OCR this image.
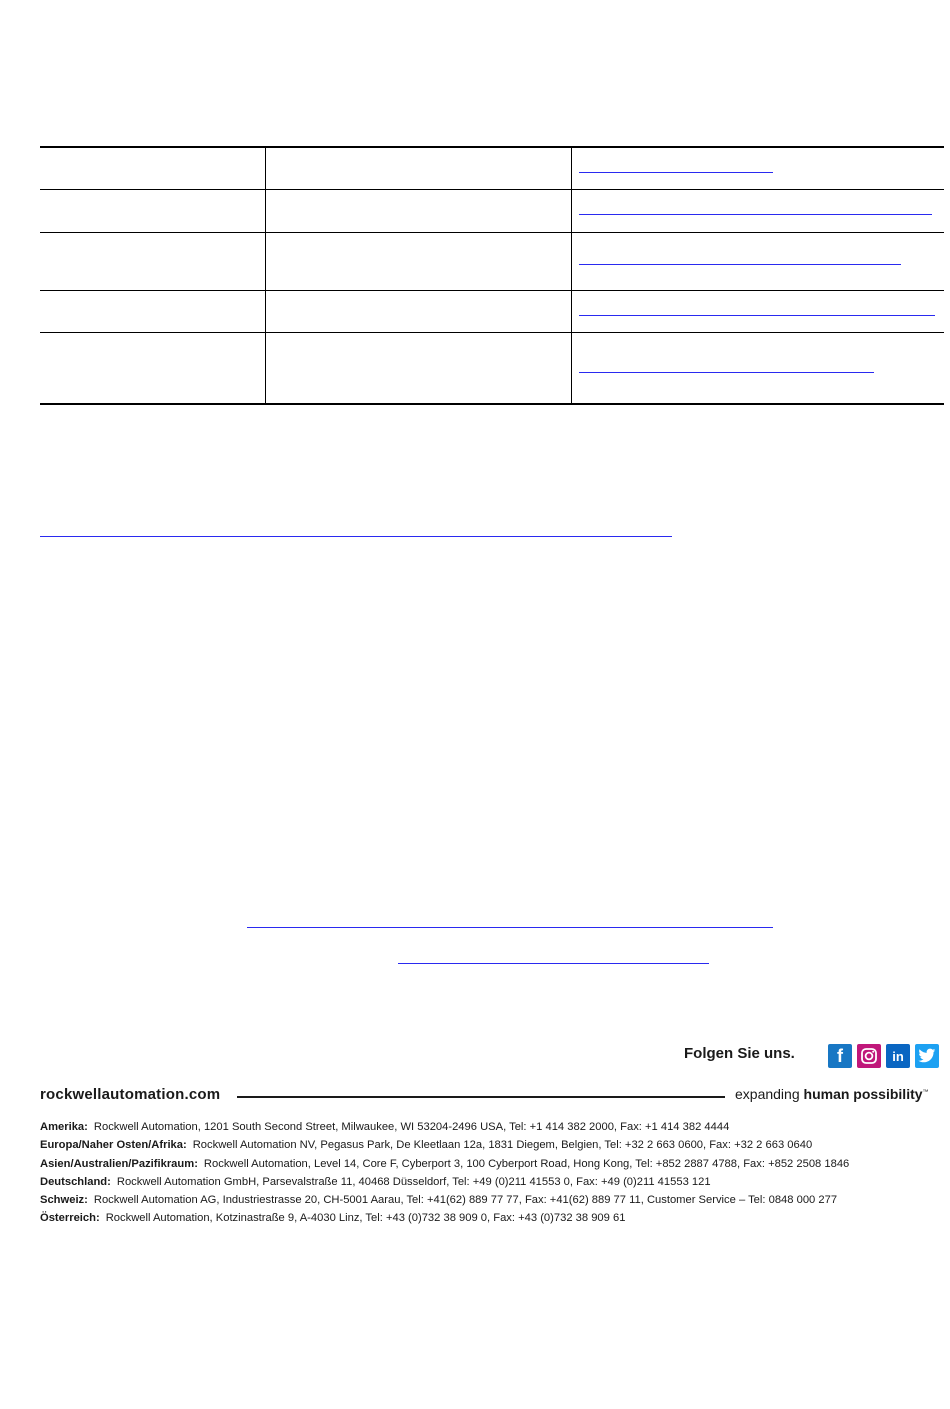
Folgen Sie uns.	f	in
rockwellautomation.com	expanding human possibility™
Amerika: Rockwell Automation, 1201 South Second Street, Milwaukee, WI 53204-2496 USA, Tel: +1 414 382 2000, Fax: +1 414 382 4444
Europa/Naher Osten/Afrika: Rockwell Automation NV, Pegasus Park, De Kleetlaan 12a, 1831 Diegem, Belgien, Tel: +32 2 663 0600, Fax: +32 2 663 0640
Asien/Australien/Pazifikraum: Rockwell Automation, Level 14, Core F, Cyberport 3, 100 Cyberport Road, Hong Kong, Tel: +852 2887 4788, Fax: +852 2508 1846
Deutschland: Rockwell Automation GmbH, Parsevalstraße 11, 40468 Düsseldorf, Tel: +49 (0)211 41553 0, Fax: +49 (0)211 41553 121
Schweiz: Rockwell Automation AG, Industriestrasse 20, CH-5001 Aarau, Tel: +41(62) 889 77 77, Fax: +41(62) 889 77 11, Customer Service – Tel: 0848 000 277
Österreich: Rockwell Automation, Kotzinastraße 9, A-4030 Linz, Tel: +43 (0)732 38 909 0, Fax: +43 (0)732 38 909 61
